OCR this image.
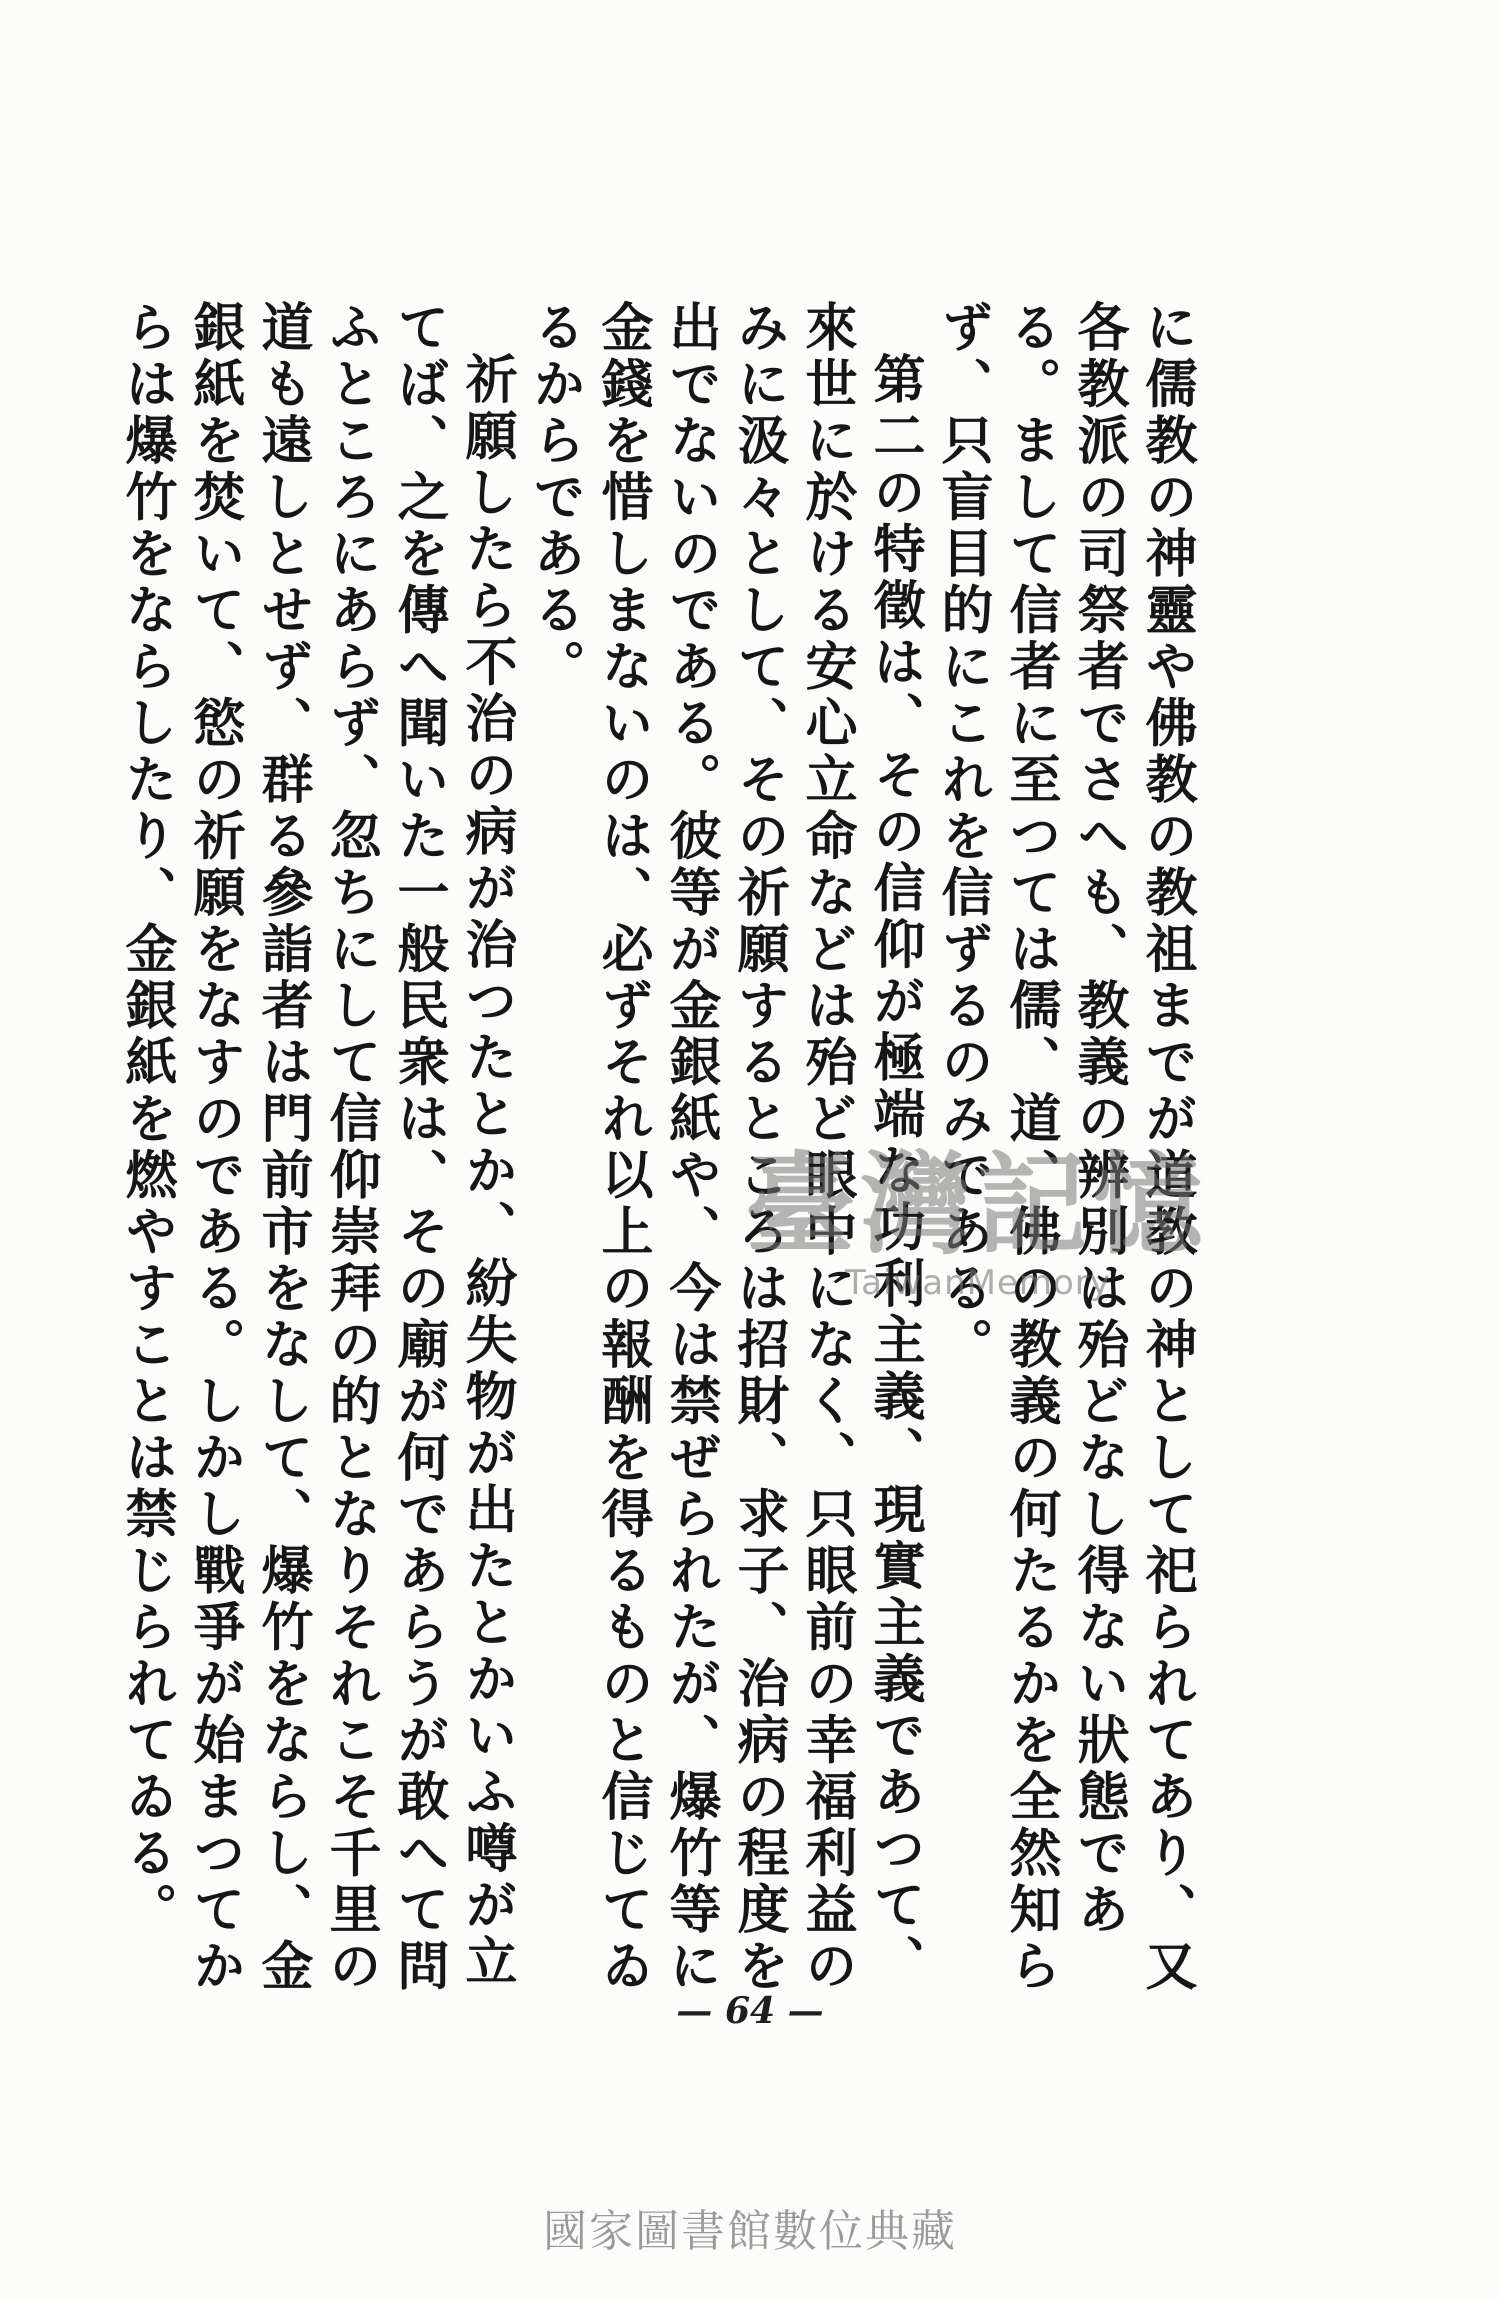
に儒教の神靈や佛教の教祖までが道教の神として祀られてあり、又各教派の司祭者でさへも、教義の辨別は殆どなし得ない狀態である。まして信者に至つては儒、道、佛の教義の何たるかを全然知らず、只盲目的にこれを信ずるのみである。

第二の特徵は、その信仰が極端な功利主義、現實主義であつて、來世に於ける安心立命などは殆ど眼中になく、只眼前の幸福利益のみに汲々として、その祈願するところは招財、求子、治病の程度を出でないのである。彼等が金銀紙や、今は禁ぜられたが、爆竹等に金錢を惜しまないのは、必ずそれ以上の報酬を得るものと信じてゐるからである。

祈願したら不治の病が治つたとか、紛失物が出たとかいふ噂が立てば、之を傳へ聞いた一般民衆は、その廟が何であらうが敢へて問ふところにあらず、忽ちにして信仰崇拜の的となりそれこそ千里の道も遠しとせず、群る參詣者は門前市をなして、爆竹をならし、金銀紙を焚いて、慾の祈願をなすのである。しかし戰爭が始まつてからは爆竹をならしたり、金銀紙を燃やすことは禁じられてゐる。	臺灣記憶
TaiwanMemory
— 64 —
國家圖書館數位典藏
